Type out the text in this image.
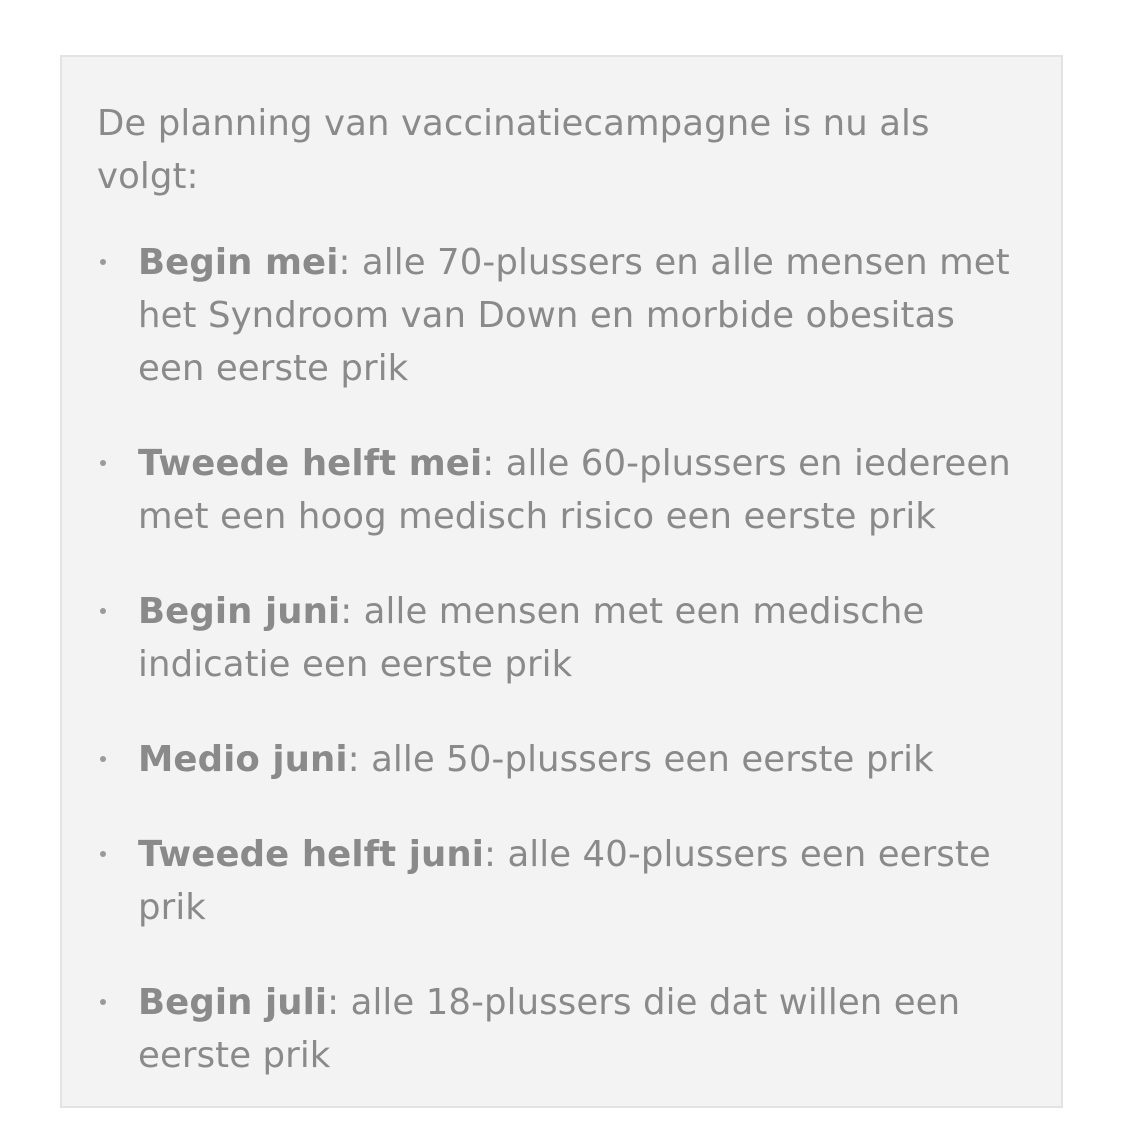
De planning van vaccinatiecampagne is nu als volgt:

Begin mei: alle 70-plussers en alle mensen met het Syndroom van Down en morbide obesitas een eerste prik
Tweede helft mei: alle 60-plussers en iedereen met een hoog medisch risico een eerste prik
Begin juni: alle mensen met een medische indicatie een eerste prik
Medio juni: alle 50-plussers een eerste prik
Tweede helft juni: alle 40-plussers een eerste prik
Begin juli: alle 18-plussers die dat willen een eerste prik
